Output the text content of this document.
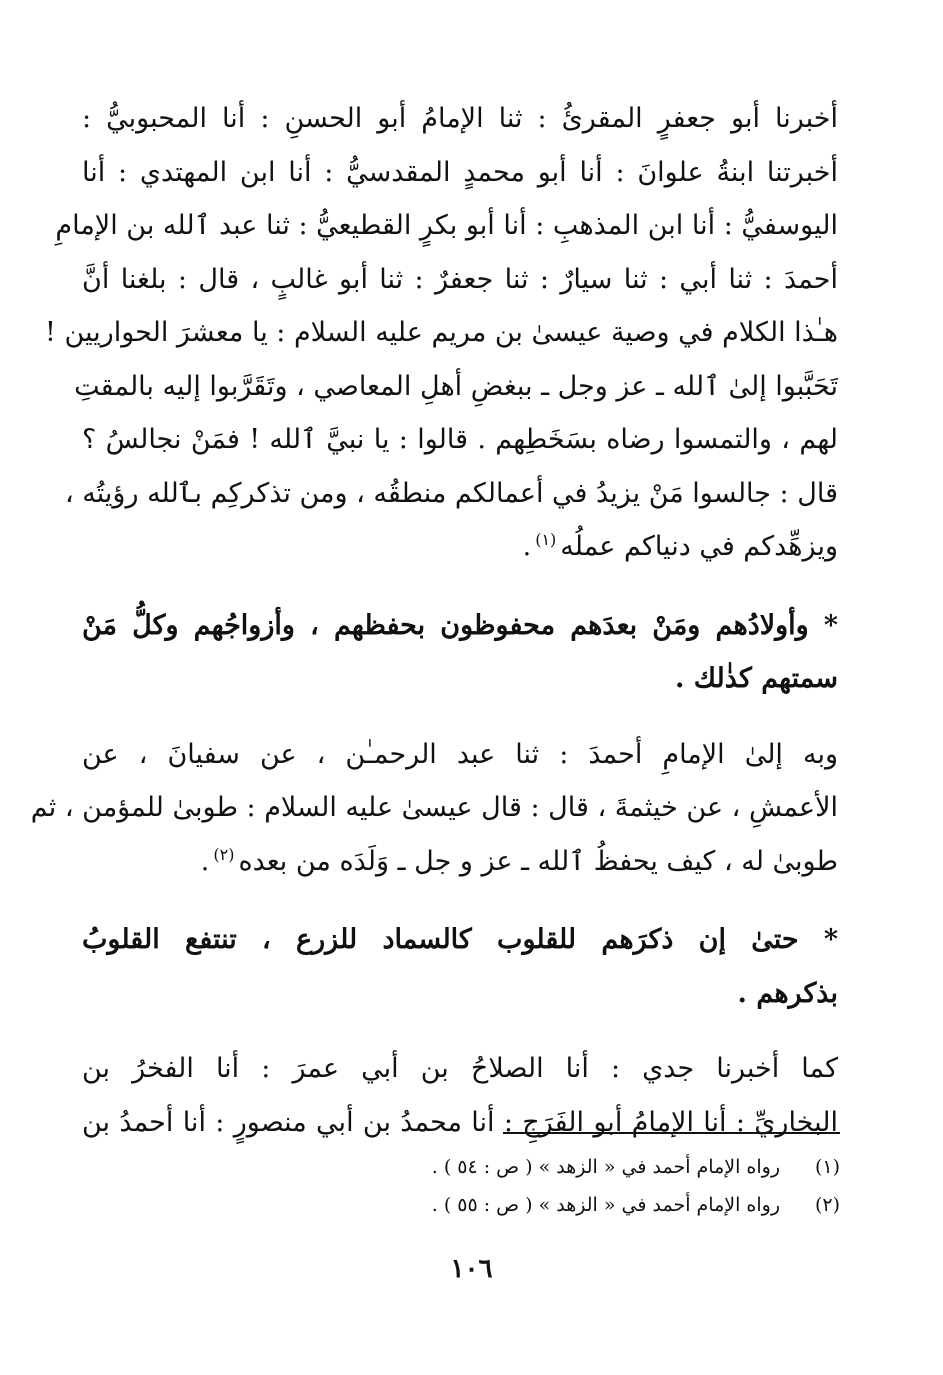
أخبرنا أبو جعفرٍ المقرئُ : ثنا الإمامُ أبو الحسنِ : أنا المحبوبيُّ :
أخبرتنا ابنةُ علوانَ : أنا أبو محمدٍ المقدسيُّ : أنا ابن المهتدي : أنا
اليوسفيُّ : أنا ابن المذهبِ : أنا أبو بكرٍ القطيعيُّ : ثنا عبد ٱلله بن الإمامِ
أحمدَ : ثنا أبي : ثنا سيارٌ : ثنا جعفرٌ : ثنا أبو غالبٍ ، قال : بلغنا أنَّ
هـٰذا الكلام في وصية عيسىٰ بن مريم عليه السلام : يا معشرَ الحواريين !
تَحَبَّبوا إلىٰ ٱلله ـ عز وجل ـ ببغضِ أهلِ المعاصي ، وتَقَرَّبوا إليه بالمقتِ
لهم ، والتمسوا رضاه بسَخَطِهم . قالوا : يا نبيَّ ٱلله ! فمَنْ نجالسُ ؟
قال : جالسوا مَنْ يزيدُ في أعمالكم منطقُه ، ومن تذكركِم بٱلله رؤيتُه ،
ويزهِّدكم في دنياكم عملُه$^{(١)}$.

* وأولادُهم ومَنْ بعدَهم محفوظون بحفظهم ، وأزواجُهم وكلُّ مَنْ
سمتهم كذٰلك .

وبه إلىٰ الإمامِ أحمدَ : ثنا عبد الرحمـٰن ، عن سفيانَ ، عن
الأعمشِ ، عن خيثمةَ ، قال : قال عيسىٰ عليه السلام : طوبىٰ للمؤمن ، ثم
طوبىٰ له ، كيف يحفظُ ٱلله ـ عز و جل ـ وَلَدَه من بعده$^{(٢)}$.

* حتىٰ إن ذكرَهم للقلوب كالسماد للزرع ، تنتفع القلوبُ
بذكرهم .

كما أخبرنا جدي : أنا الصلاحُ بن أبي عمرَ : أنا الفخرُ بن
البخاريِّ : أنا الإمامُ أبو الفَرَجِ : أنا محمدُ بن أبي منصورٍ : أنا أحمدُ بن

(١)
رواه الإمام أحمد في « الزهد » ( ص : ٥٤ ) .
(٢)
رواه الإمام أحمد في « الزهد » ( ص : ٥٥ ) .
١٠٦
